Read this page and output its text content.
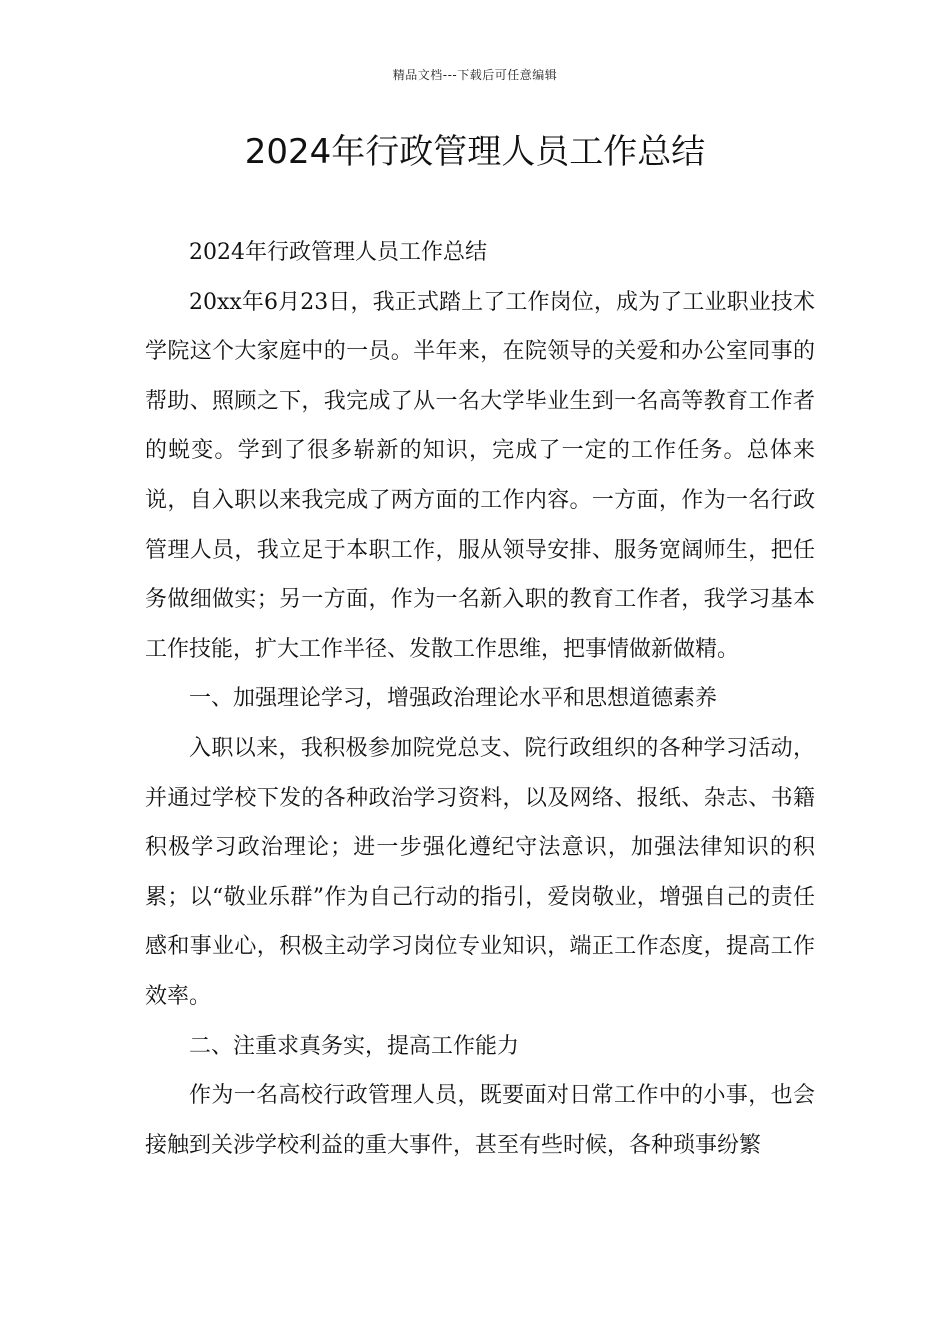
精品文档---下载后可任意编辑
2024年行政管理人员工作总结

2024年行政管理人员工作总结

20xx年6月23日，我正式踏上了工作岗位，成为了工业职业技术学院这个大家庭中的一员。半年来，在院领导的关爱和办公室同事的帮助、照顾之下，我完成了从一名大学毕业生到一名高等教育工作者的蜕变。学到了很多崭新的知识，完成了一定的工作任务。总体来说，自入职以来我完成了两方面的工作内容。一方面，作为一名行政管理人员，我立足于本职工作，服从领导安排、服务宽阔师生，把任务做细做实；另一方面，作为一名新入职的教育工作者，我学习基本工作技能，扩大工作半径、发散工作思维，把事情做新做精。

一、加强理论学习，增强政治理论水平和思想道德素养

入职以来，我积极参加院党总支、院行政组织的各种学习活动，并通过学校下发的各种政治学习资料，以及网络、报纸、杂志、书籍积极学习政治理论；进一步强化遵纪守法意识，加强法律知识的积累；以“敬业乐群”作为自己行动的指引，爱岗敬业，增强自己的责任感和事业心，积极主动学习岗位专业知识，端正工作态度，提高工作效率。

二、注重求真务实，提高工作能力

作为一名高校行政管理人员，既要面对日常工作中的小事，也会接触到关涉学校利益的重大事件，甚至有些时候，各种琐事纷繁
